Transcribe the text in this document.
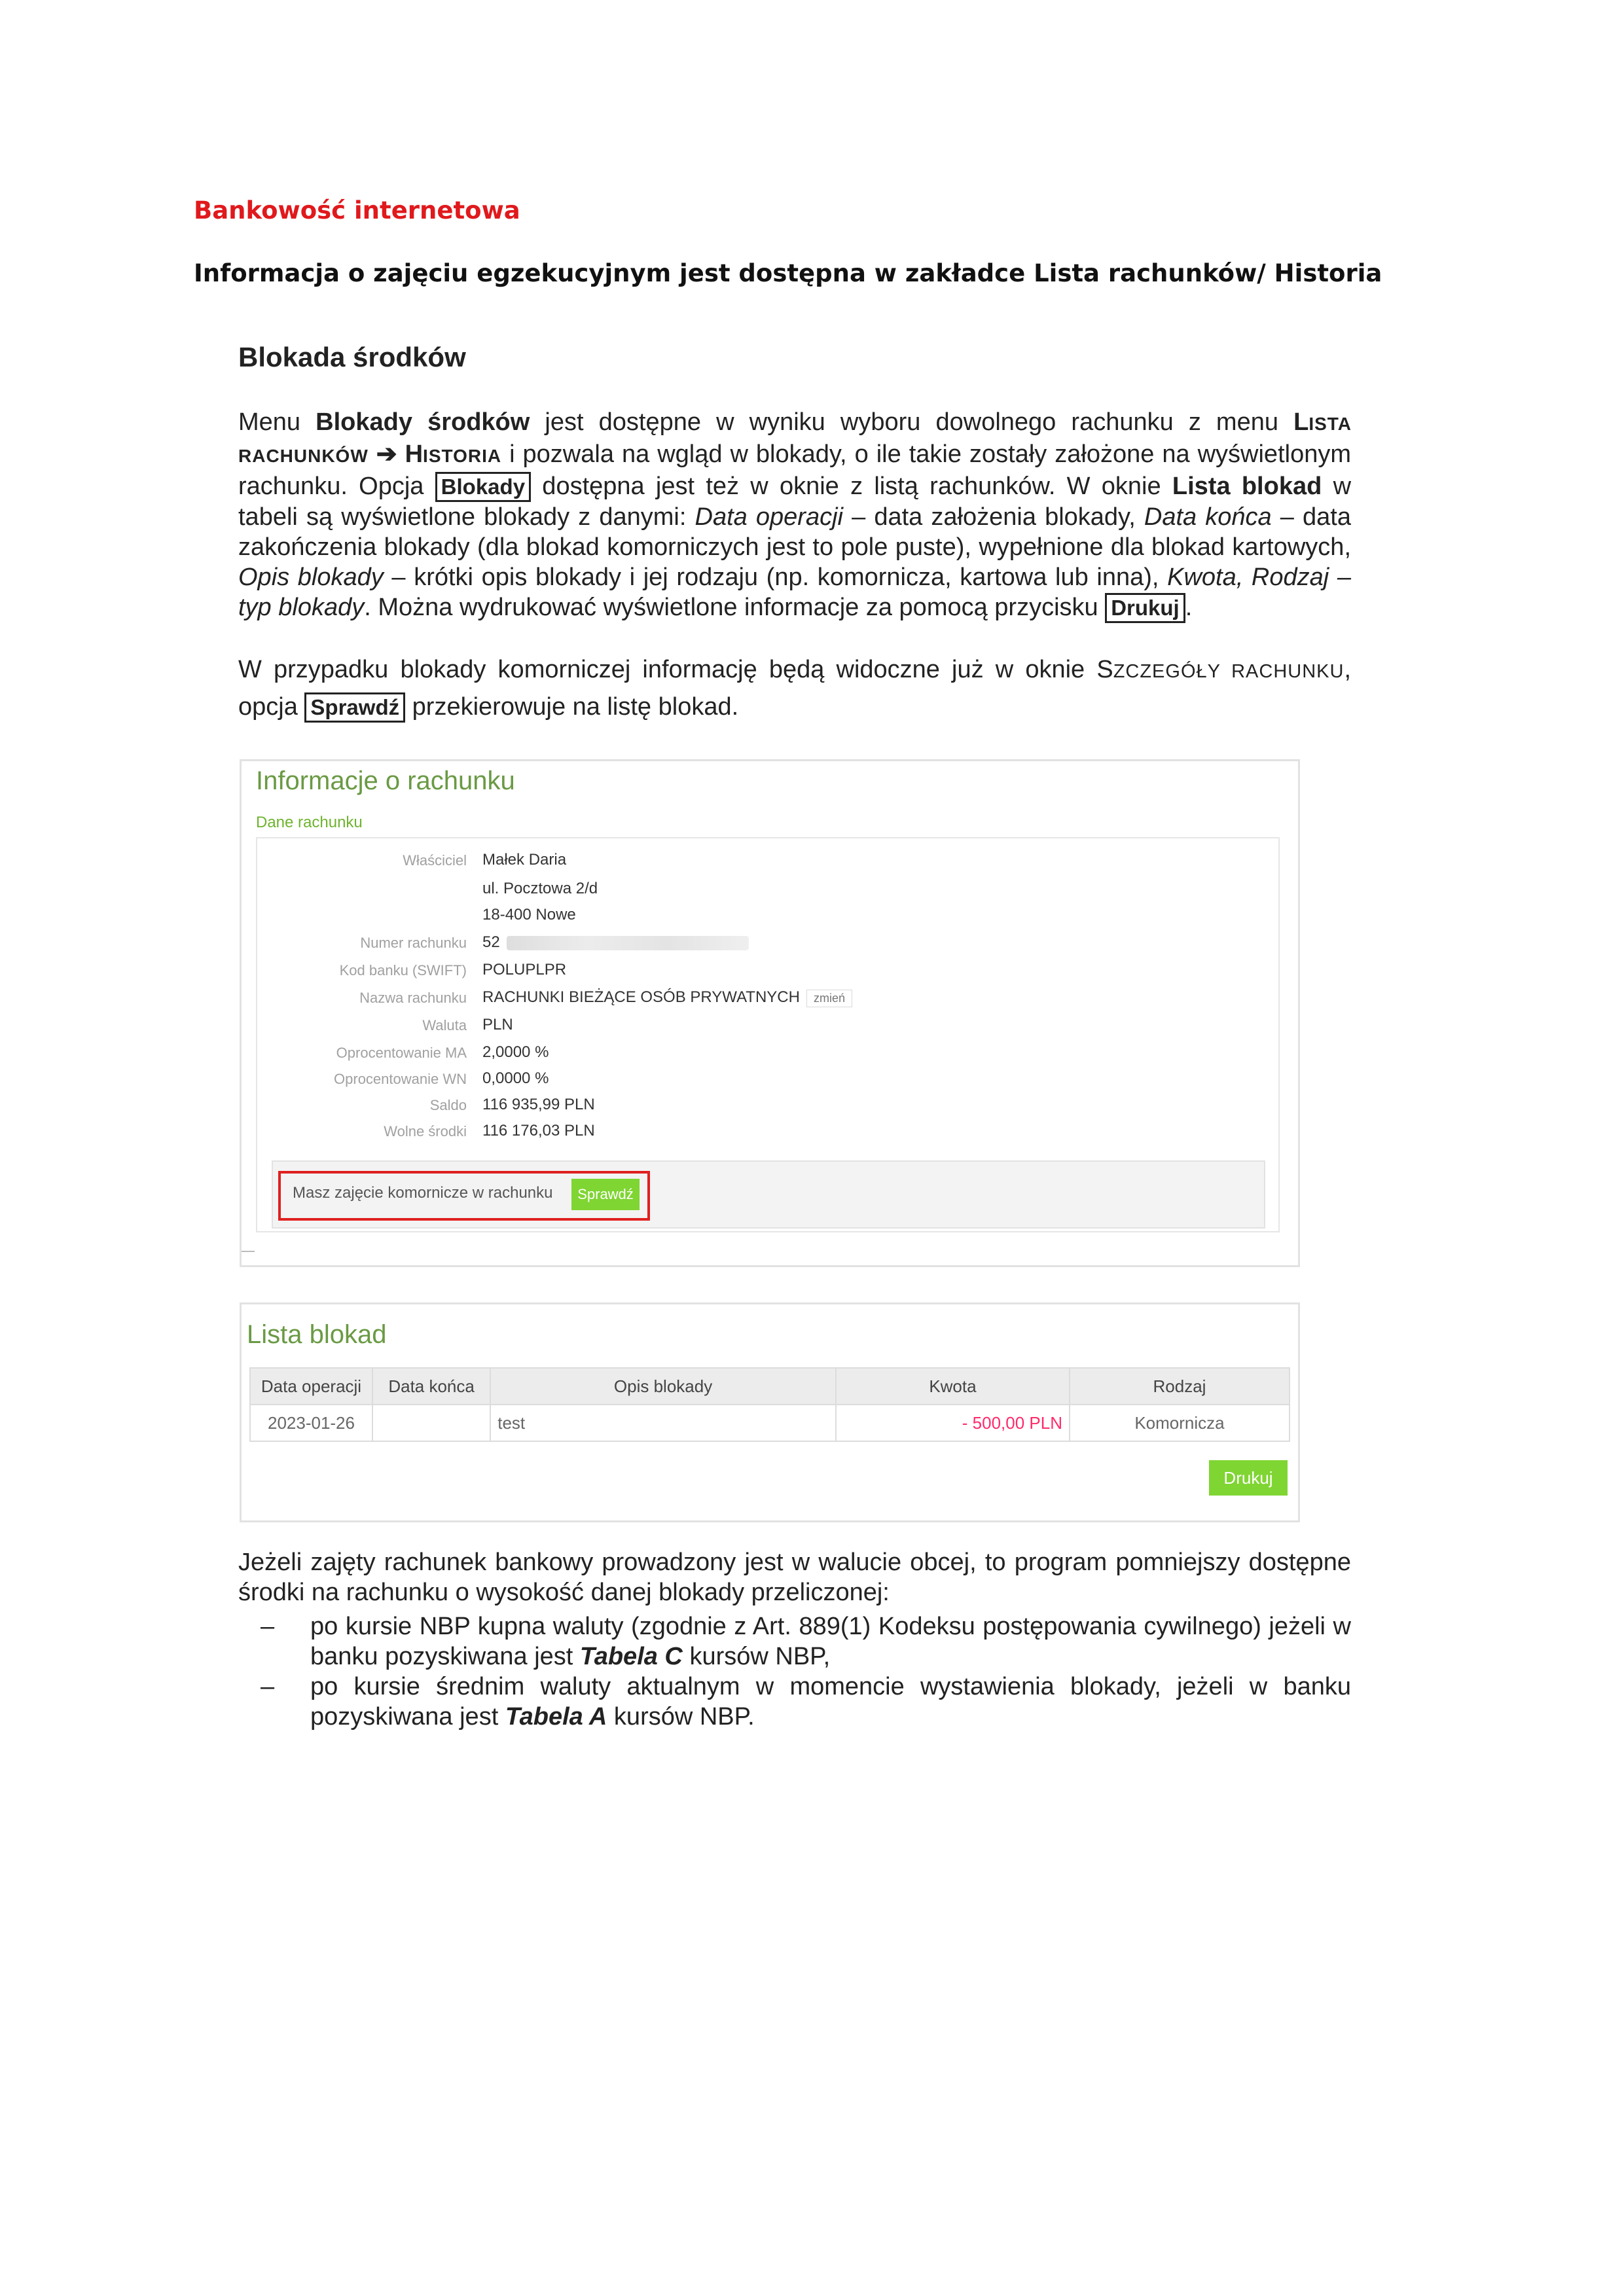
Bankowość internetowa
Informacja o zajęciu egzekucyjnym jest dostępna w zakładce Lista rachunków/ Historia
Blokada środków
Menu Blokady środków jest dostępne w wyniku wyboru dowolnego rachunku z menu LISTA RACHUNKÓW ➔ HISTORIA i pozwala na wgląd w blokady, o ile takie zostały założone na wyświetlonym rachunku. Opcja Blokady dostępna jest też w oknie z listą rachunków. W oknie Lista blokad w tabeli są wyświetlone blokady z danymi: Data operacji – data założenia blokady, Data końca – data zakończenia blokady (dla blokad komorniczych jest to pole puste), wypełnione dla blokad kartowych, Opis blokady – krótki opis blokady i jej rodzaju (np. komornicza, kartowa lub inna), Kwota, Rodzaj – typ blokady. Można wydrukować wyświetlone informacje za pomocą przycisku Drukuj .
W przypadku blokady komorniczej informację będą widoczne już w oknie SZCZEGÓŁY RACHUNKU,
opcja Sprawdź przekierowuje na listę blokad.
Informacje o rachunku
Dane rachunku
Właściciel Małek Daria
ul. Pocztowa 2/d
18-400 Nowe
Numer rachunku 52
Kod banku (SWIFT) POLUPLPR
Nazwa rachunku RACHUNKI BIEŻĄCE OSÓB PRYWATNYCH zmień
Waluta PLN
Oprocentowanie MA 2,0000 %
Oprocentowanie WN 0,0000 %
Saldo 116 935,99 PLN
Wolne środki 116 176,03 PLN
Masz zajęcie komornicze w rachunku	Sprawdź
Lista blokad
Data operacji	Data końca	Opis blokady	Kwota	Rodzaj
2023-01-26		test	- 500,00 PLN	Komornicza
Drukuj
Jeżeli zajęty rachunek bankowy prowadzony jest w walucie obcej, to program pomniejszy dostępne środki na rachunku o wysokość danej blokady przeliczonej:
– po kursie NBP kupna waluty (zgodnie z Art. 889(1) Kodeksu postępowania cywilnego) jeżeli w banku pozyskiwana jest Tabela C kursów NBP,
– po kursie średnim waluty aktualnym w momencie wystawienia blokady, jeżeli w banku pozyskiwana jest Tabela A kursów NBP.
